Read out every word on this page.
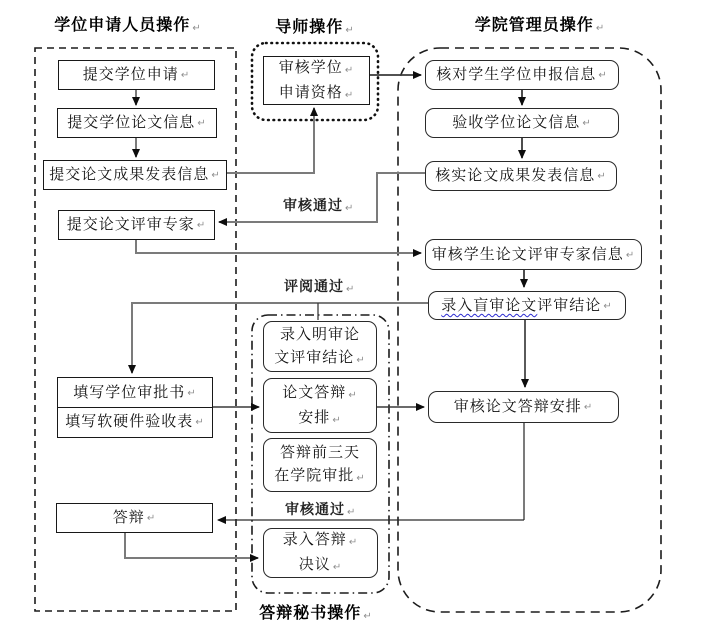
学位申请人员操作 ↵	导师操作 ↵	学院管理员操作 ↵
答辩秘书操作 ↵
审核通过 ↵
评阅通过 ↵
审核通过 ↵
提交学位申请 ↵
提交学位论文信息 ↵
提交论文成果发表信息 ↵
提交论文评审专家 ↵
填写学位审批书 ↵
填写软硬件验收表 ↵
答辩 ↵
审核学位 ↵
申请资格 ↵
核对学生学位申报信息 ↵
验收学位论文信息 ↵
核实论文成果发表信息 ↵
审核学生论文评审专家信息 ↵
录入盲审论文评审结论 ↵
审核论文答辩安排 ↵
录入明审论
文评审结论 ↵
论文答辩 ↵
安排 ↵
答辩前三天
在学院审批 ↵
录入答辩 ↵
决议 ↵
